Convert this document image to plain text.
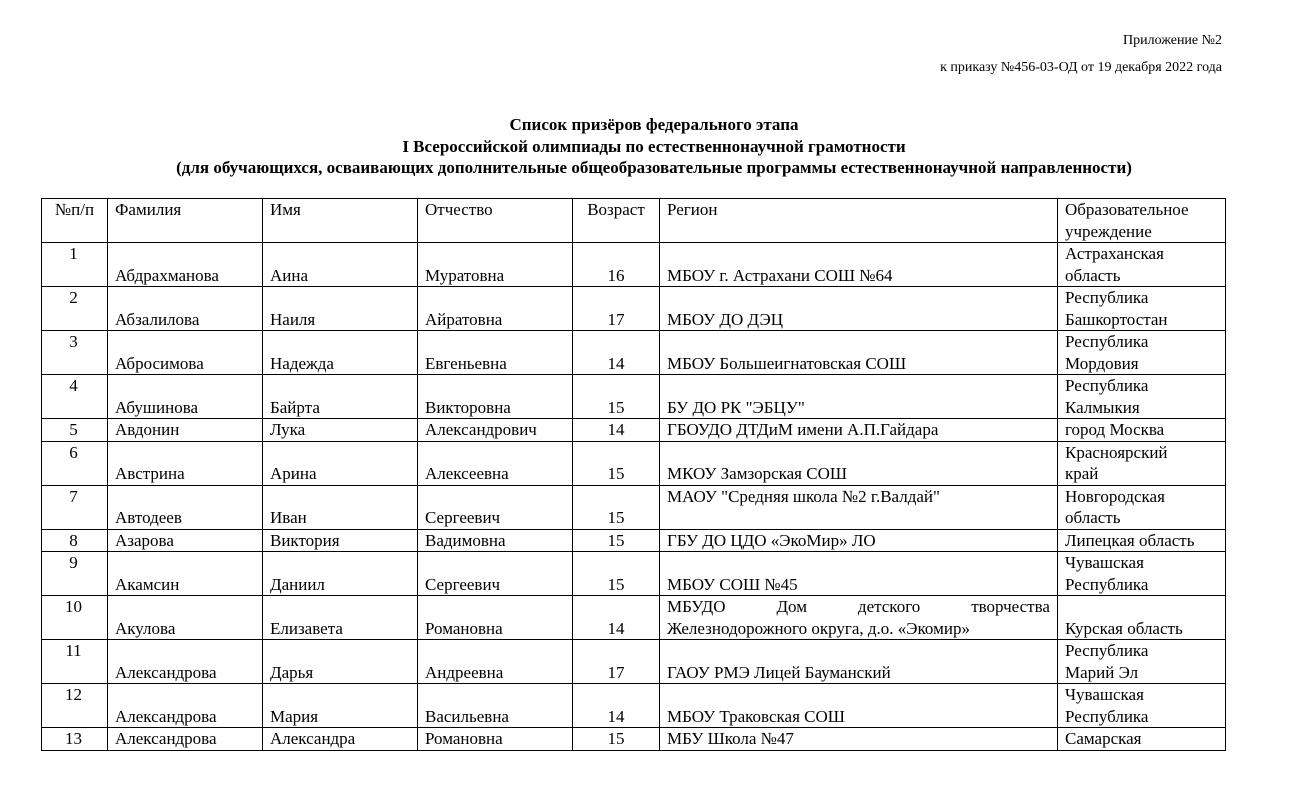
Приложение №2
к приказу №456-03-ОД от 19 декабря 2022 года
Список призёров федерального этапа
I Всероссийской олимпиады по естественнонаучной грамотности
(для обучающихся, осваивающих дополнительные общеобразовательные программы естественнонаучной направленности)
№п/п	Фамилия	Имя	Отчество	Возраст	Регион	Образовательное
учреждение

1	Абдрахманова	Аина	Муратовна	16	МБОУ г. Астрахани СОШ №64	Астраханская
область

2	Абзалилова	Наиля	Айратовна	17	МБОУ ДО ДЭЦ	Республика
Башкортостан

3	Абросимова	Надежда	Евгеньевна	14	МБОУ Большеигнатовская СОШ	Республика
Мордовия

4	Абушинова	Байрта	Викторовна	15	БУ ДО РК "ЭБЦУ"	Республика
Калмыкия

5	Авдонин	Лука	Александрович	14	ГБОУДО ДТДиМ имени А.П.Гайдара	город Москва
6	Австрина	Арина	Алексеевна	15	МКОУ Замзорская СОШ	Красноярский
край

7	Автодеев	Иван	Сергеевич	15	МАОУ "Средняя школа №2 г.Валдай"	Новгородская
область

8	Азарова	Виктория	Вадимовна	15	ГБУ ДО ЦДО «ЭкоМир» ЛО	Липецкая область
9	Акамсин	Даниил	Сергеевич	15	МБОУ СОШ №45	Чувашская
Республика

10	Акулова	Елизавета	Романовна	14	МБУДО Дом детского творчества
Железнодорожного округа, д.о. «Экомир»	Курская область
11	Александрова	Дарья	Андреевна	17	ГАОУ РМЭ Лицей Бауманский	Республика
Марий Эл

12	Александрова	Мария	Васильевна	14	МБОУ Траковская СОШ	Чувашская
Республика

13	Александрова	Александра	Романовна	15	МБУ Школа №47	Самарская
